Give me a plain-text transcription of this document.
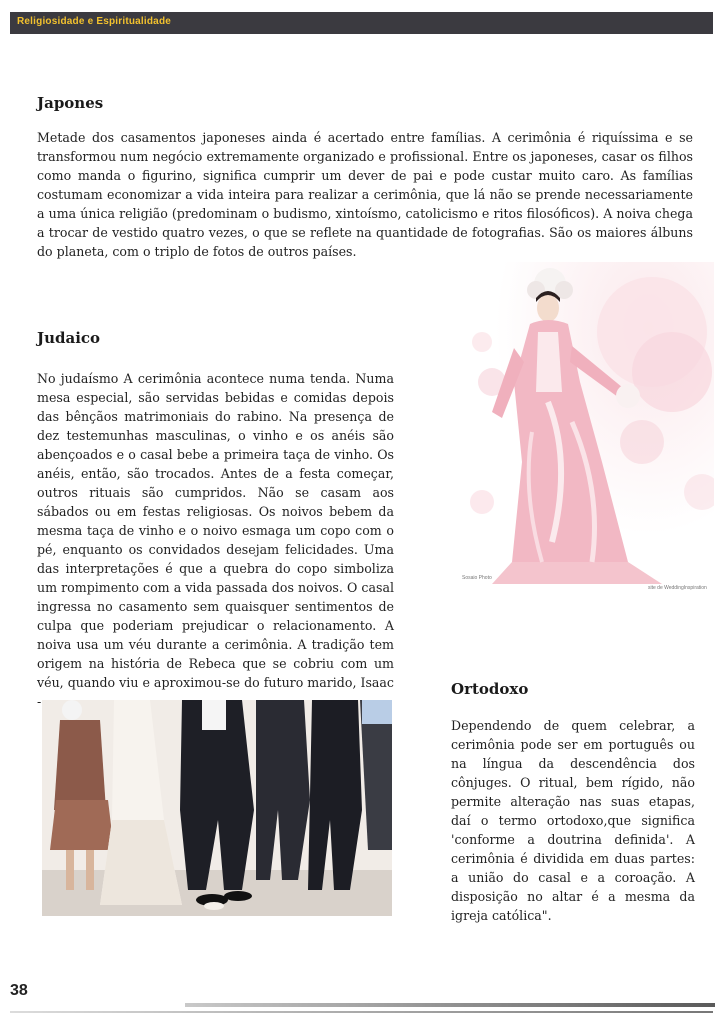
Religiosidade e Espiritualidade
Japones

Metade dos casamentos japoneses ainda é acertado entre famílias. A cerimônia é riquíssima e se transformou num negócio extremamente organizado e profissional. Entre os japoneses, casar os filhos como manda o figurino, significa cumprir um dever de pai e pode custar muito caro. As famílias costumam economizar a vida inteira para realizar a cerimônia, que lá não se prende necessariamente a uma única religião (predominam o budismo, xintoísmo, catolicismo e ritos filosóficos). A noiva chega a trocar de vestido quatro vezes, o que se reflete na quantidade de fotografias. São os maiores álbuns do planeta, com o triplo de fotos de outros países.

Sosaio Photo
site de WeddingInspiration
Judaico

No judaísmo A cerimônia acontece numa tenda. Numa mesa especial, são servidas bebidas e comidas depois das bênçãos matrimoniais do rabino. Na presença de dez testemunhas masculinas, o vinho e os anéis são abençoados e o casal bebe a primeira taça de vinho. Os anéis, então, são trocados. Antes de a festa começar, outros rituais são cumpridos. Não se casam aos sábados ou em festas religiosas. Os noivos bebem da mesma taça de vinho e o noivo esmaga um copo com o pé, enquanto os convidados desejam felicidades. Uma das interpretações é que a quebra do copo simboliza um rompimento com a vida passada dos noivos. O casal ingressa no casamento sem quaisquer sentimentos de culpa que poderiam prejudicar o relacionamento. A noiva usa um véu durante a cerimônia. A tradição tem origem na história de Rebeca que se cobriu com um véu, quando viu e aproximou-se do futuro marido, Isaac -

Ortodoxo

Dependendo de quem celebrar, a cerimônia pode ser em português ou na língua da descendência dos cônjuges. O ritual, bem rígido, não permite alteração nas suas etapas, daí o termo ortodoxo,que significa 'conforme a doutrina definida'. A cerimônia é dividida em duas partes: a união do casal e a coroação. A disposição no altar é a mesma da igreja católica".

38
